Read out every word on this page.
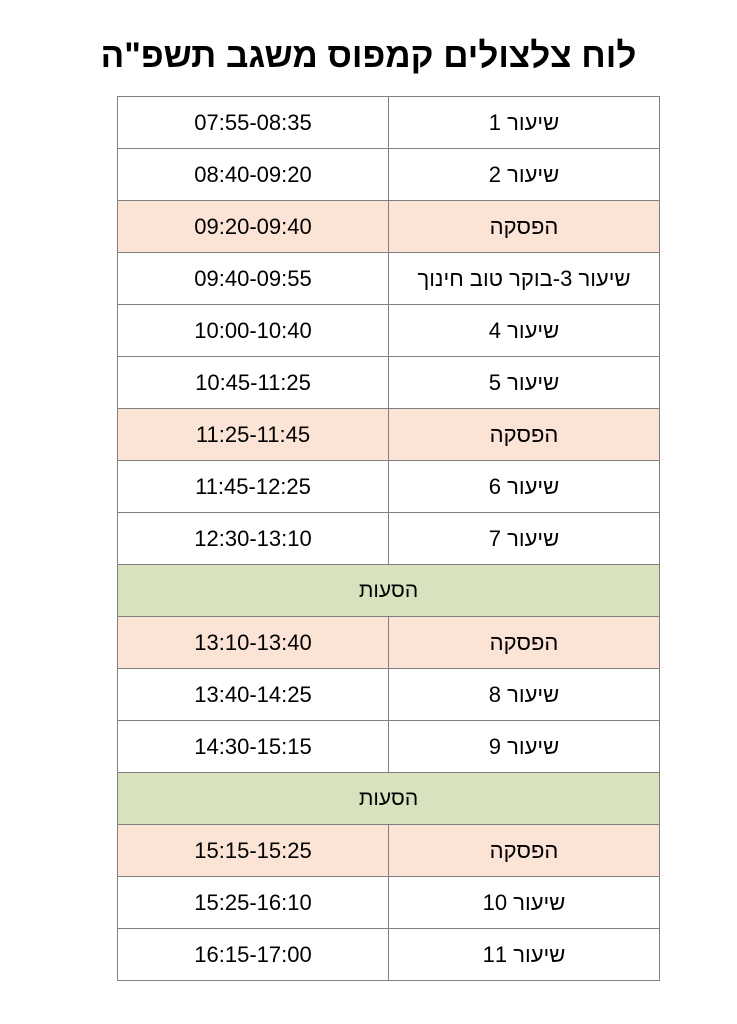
לוח צלצולים קמפוס משגב תשפ"ה
שיעור 1	07:55-08:35
שיעור 2	08:40-09:20
הפסקה	09:20-09:40
שיעור 3-בוקר טוב חינוך	09:40-09:55
שיעור 4	10:00-10:40
שיעור 5	10:45-11:25
הפסקה	11:25-11:45
שיעור 6	11:45-12:25
שיעור 7	12:30-13:10
הסעות	
הפסקה	13:10-13:40
שיעור 8	13:40-14:25
שיעור 9	14:30-15:15
הסעות	
הפסקה	15:15-15:25
שיעור 10	15:25-16:10
שיעור 11	16:15-17:00
